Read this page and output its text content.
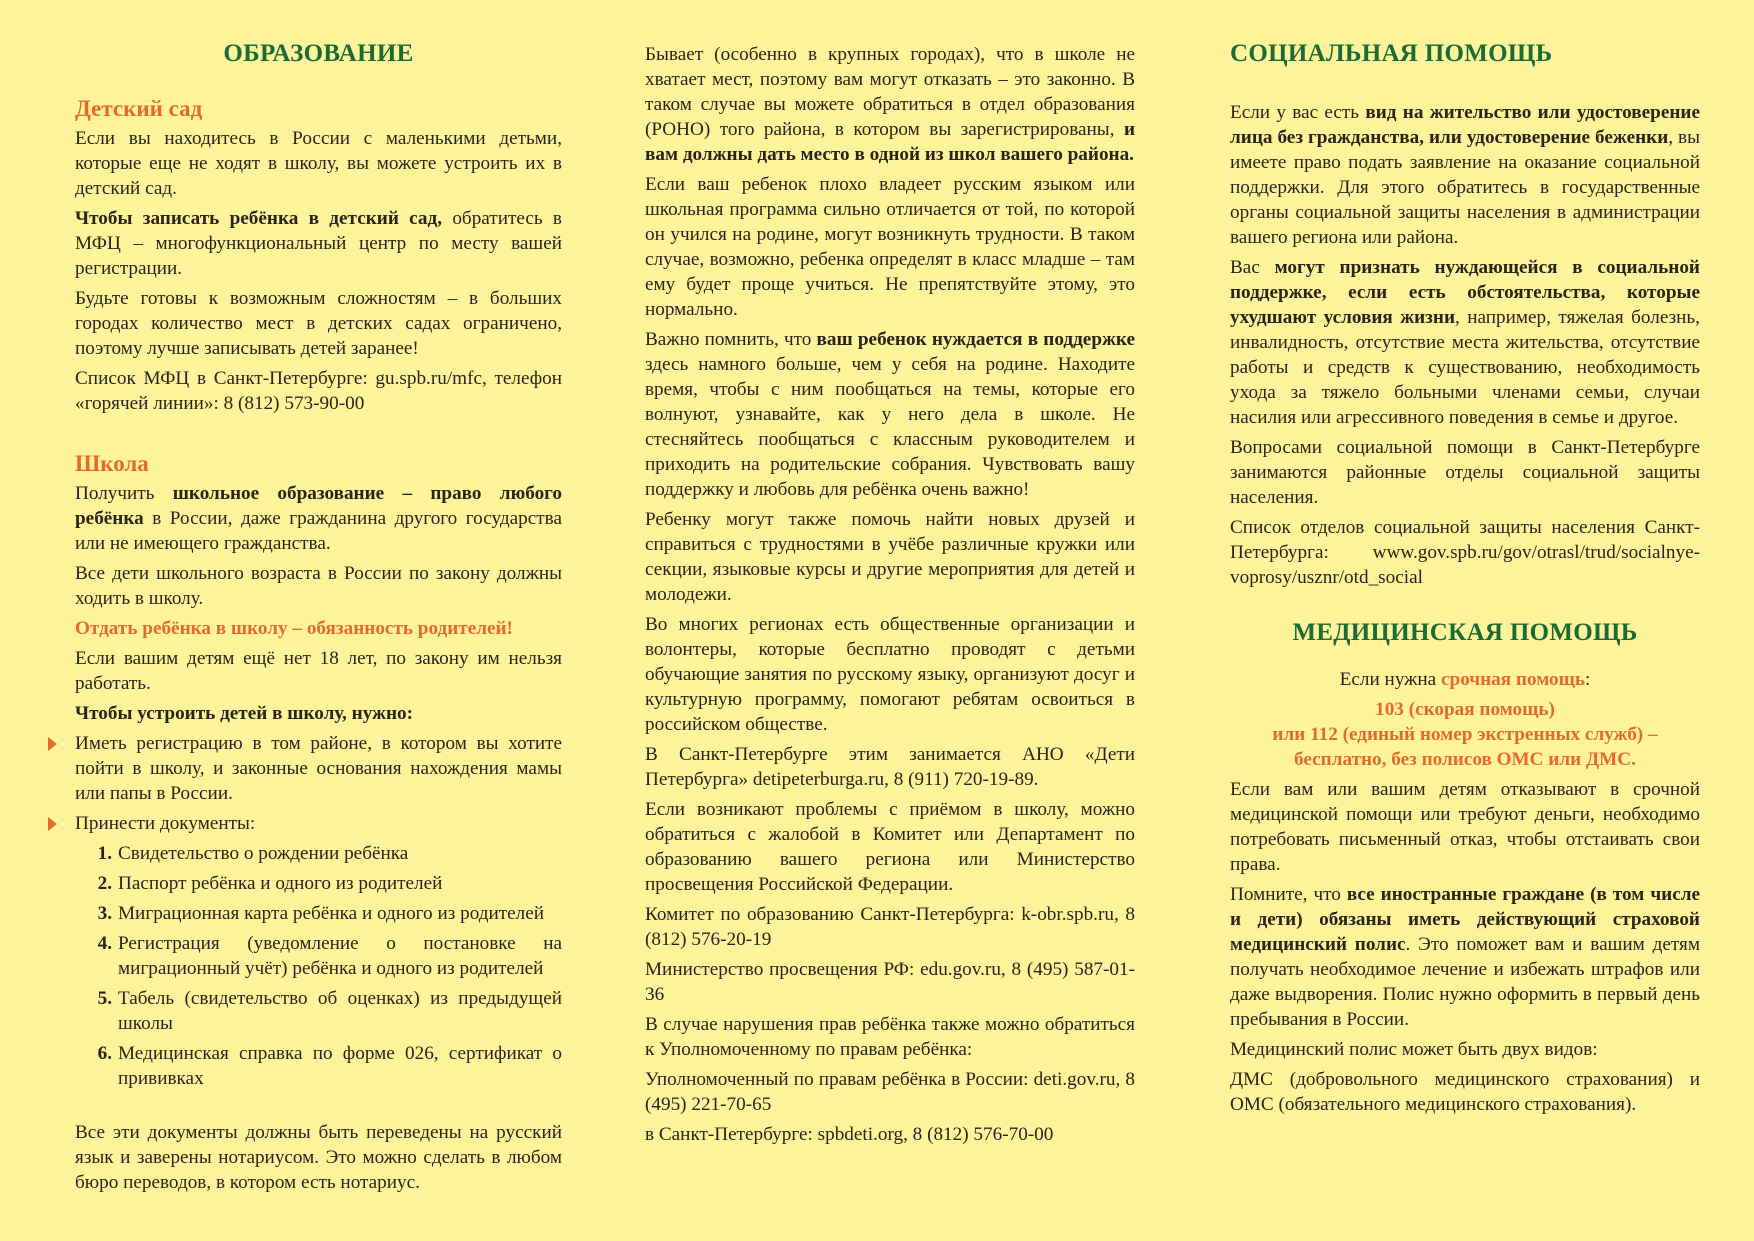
ОБРАЗОВАНИЕ
Детский сад

Если вы находитесь в России с маленькими детьми, которые еще не ходят в школу, вы можете устроить их в детский сад.

Чтобы записать ребёнка в детский сад, обратитесь в МФЦ – многофункциональный центр по месту вашей регистрации.

Будьте готовы к возможным сложностям – в больших городах количество мест в детских садах ограничено, поэтому лучше записывать детей заранее!

Список МФЦ в Санкт-Петербурге: gu.spb.ru/mfc, телефон «горячей линии»: 8 (812) 573-90-00

Школа

Получить школьное образование – право любого ребёнка в России, даже гражданина другого государства или не имеющего гражданства.

Все дети школьного возраста в России по закону должны ходить в школу.

Отдать ребёнка в школу – обязанность родителей!

Если вашим детям ещё нет 18 лет, по закону им нельзя работать.

Чтобы устроить детей в школу, нужно:

Иметь регистрацию в том районе, в котором вы хотите пойти в школу, и законные основания нахождения мамы или папы в России.

Принести документы:

1. Свидетельство о рождении ребёнка
2. Паспорт ребёнка и одного из родителей
3. Миграционная карта ребёнка и одного из родителей
4. Регистрация (уведомление о постановке на миграционный учёт) ребёнка и одного из родителей
5. Табель (свидетельство об оценках) из предыдущей школы
6. Медицинская справка по форме 026, сертификат о прививках

Все эти документы должны быть переведены на русский язык и заверены нотариусом. Это можно сделать в любом бюро переводов, в котором есть нотариус.

Бывает (особенно в крупных городах), что в школе не хватает мест, поэтому вам могут отказать – это законно. В таком случае вы можете обратиться в отдел образования (РОНО) того района, в котором вы зарегистрированы, и вам должны дать место в одной из школ вашего района.

Если ваш ребенок плохо владеет русским языком или школьная программа сильно отличается от той, по которой он учился на родине, могут возникнуть трудности. В таком случае, возможно, ребенка определят в класс младше – там ему будет проще учиться. Не препятствуйте этому, это нормально.

Важно помнить, что ваш ребенок нуждается в поддержке здесь намного больше, чем у себя на родине. Находите время, чтобы с ним пообщаться на темы, которые его волнуют, узнавайте, как у него дела в школе. Не стесняйтесь пообщаться с классным руководителем и приходить на родительские собрания. Чувствовать вашу поддержку и любовь для ребёнка очень важно!

Ребенку могут также помочь найти новых друзей и справиться с трудностями в учёбе различные кружки или секции, языковые курсы и другие мероприятия для детей и молодежи.

Во многих регионах есть общественные организации и волонтеры, которые бесплатно проводят с детьми обучающие занятия по русскому языку, организуют досуг и культурную программу, помогают ребятам освоиться в российском обществе.

В Санкт-Петербурге этим занимается АНО «Дети Петербурга» detipeterburga.ru, 8 (911) 720-19-89.

Если возникают проблемы с приёмом в школу, можно обратиться с жалобой в Комитет или Департамент по образованию вашего региона или Министерство просвещения Российской Федерации.

Комитет по образованию Санкт-Петербурга: k-obr.spb.ru, 8 (812) 576-20-19

Министерство просвещения РФ: edu.gov.ru, 8 (495) 587-01-36

В случае нарушения прав ребёнка также можно обратиться к Уполномоченному по правам ребёнка:

Уполномоченный по правам ребёнка в России: deti.gov.ru, 8 (495) 221-70-65

в Санкт-Петербурге: spbdeti.org, 8 (812) 576-70-00

СОЦИАЛЬНАЯ ПОМОЩЬ

Если у вас есть вид на жительство или удостоверение лица без гражданства, или удостоверение беженки, вы имеете право подать заявление на оказание социальной поддержки. Для этого обратитесь в государственные органы социальной защиты населения в администрации вашего региона или района.

Вас могут признать нуждающейся в социальной поддержке, если есть обстоятельства, которые ухудшают условия жизни, например, тяжелая болезнь, инвалидность, отсутствие места жительства, отсутствие работы и средств к существованию, необходимость ухода за тяжело больными членами семьи, случаи насилия или агрессивного поведения в семье и другое.

Вопросами социальной помощи в Санкт-Петербурге занимаются районные отделы социальной защиты населения.

Список отделов социальной защиты населения Санкт-Петербурга: www.gov.spb.ru/gov/otrasl/trud/socialnye-voprosy/usznr/otd_social

МЕДИЦИНСКАЯ ПОМОЩЬ

Если нужна срочная помощь:

103 (скорая помощь)

или 112 (единый номер экстренных служб) –

бесплатно, без полисов ОМС или ДМС.

Если вам или вашим детям отказывают в срочной медицинской помощи или требуют деньги, необходимо потребовать письменный отказ, чтобы отстаивать свои права.

Помните, что все иностранные граждане (в том числе и дети) обязаны иметь действующий страховой медицинский полис. Это поможет вам и вашим детям получать необходимое лечение и избежать штрафов или даже выдворения. Полис нужно оформить в первый день пребывания в России.

Медицинский полис может быть двух видов:

ДМС (добровольного медицинского страхования) и ОМС (обязательного медицинского страхования).
